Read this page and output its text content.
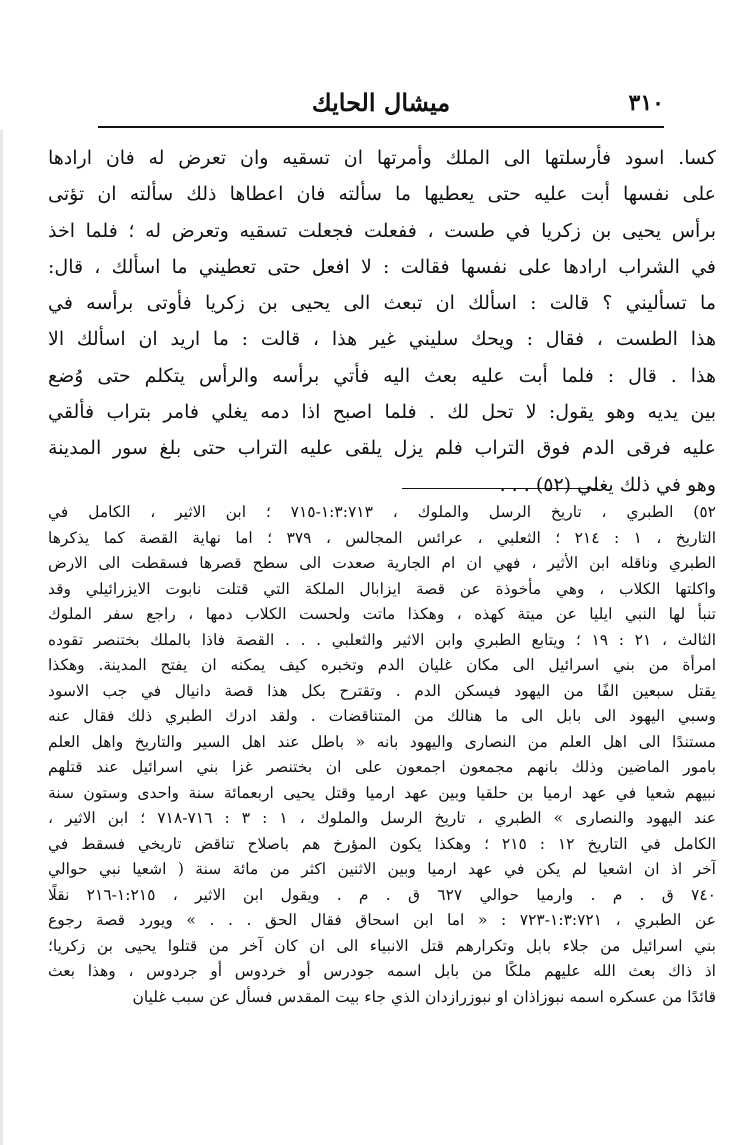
٣١٠
ميشال الحايك
كسا. اسود فأرسلتها الى الملك وأمرتها ان تسقيه وان تعرض له فان ارادها
على نفسها أبت عليه حتى يعطيها ما سألته فان اعطاها ذلك سألته ان تؤتى
برأس يحيى بن زكريا في طست ، ففعلت فجعلت تسقيه وتعرض له ؛ فلما اخذ
في الشراب ارادها على نفسها فقالت : لا افعل حتى تعطيني ما اسألك ، قال:
ما تسأليني ؟ قالت : اسألك ان تبعث الى يحيى بن زكريا فأوتى برأسه في
هذا الطست ، فقال : ويحك سليني غير هذا ، قالت : ما اريد ان اسألك الا
هذا . قال : فلما أبت عليه بعث اليه فأتي برأسه والرأس يتكلم حتى وُضع
بين يديه وهو يقول: لا تحل لك . فلما اصبح اذا دمه يغلي فامر بتراب فألقي
عليه فرقى الدم فوق التراب فلم يزل يلقى عليه التراب حتى بلغ سور المدينة
وهو في ذلك يغلي (٥٢) . . .
٥٢) الطبري ، تاريخ الرسل والملوك ، ١:٣:٧١٣-٧١٥ ؛ ابن الاثير ، الكامل في
التاريخ ، ١ : ٢١٤ ؛ الثعلبي ، عرائس المجالس ، ٣٧٩ ؛ اما نهاية القصة كما يذكرها
الطبري وناقله ابن الأثير ، فهي ان ام الجارية صعدت الى سطح قصرها فسقطت الى الارض
واكلتها الكلاب ، وهي مأخوذة عن قصة ايزابال الملكة التي قتلت نابوت الايزرائيلي وقد
تنبأ لها النبي ايليا عن ميتة كهذه ، وهكذا ماتت ولحست الكلاب دمها ، راجع سفر الملوك
الثالث ، ٢١ : ١٩ ؛ ويتابع الطبري وابن الاثير والثعلبي . . . القصة فاذا بالملك بختنصر تقوده
امرأة من بني اسرائيل الى مكان غليان الدم وتخبره كيف يمكنه ان يفتح المدينة. وهكذا
يقتل سبعين الفًا من اليهود فيسكن الدم . وتقترح بكل هذا قصة دانيال في جب الاسود
وسبي اليهود الى بابل الى ما هنالك من المتناقضات . ولقد ادرك الطبري ذلك فقال عنه
مستندًا الى اهل العلم من النصارى واليهود بانه « باطل عند اهل السير والتاريخ واهل العلم
بامور الماضين وذلك بانهم مجمعون اجمعون على ان بختنصر غزا بني اسرائيل عند قتلهم
نبيهم شعيا في عهد ارميا بن حلقيا وبين عهد ارميا وقتل يحيى اربعمائة سنة واحدى وستون سنة
عند اليهود والنصارى » الطبري ، تاريخ الرسل والملوك ، ١ : ٣ : ٧١٦-٧١٨ ؛ ابن الاثير ،
الكامل في التاريخ ١٢ : ٢١٥ ؛ وهكذا يكون المؤرخ هم باصلاح تناقض تاريخي فسقط في
آخر اذ ان اشعيا لم يكن في عهد ارميا وبين الاثنين اكثر من مائة سنة ( اشعيا نبي حوالي
٧٤٠ ق . م . وارميا حوالي ٦٢٧ ق . م . ويقول ابن الاثير ، ١:٢١٥-٢١٦ نقلًا
عن الطبري ، ١:٣:٧٢١-٧٢٣ : « اما ابن اسحاق فقال الحق . . . » ويورد قصة رجوع
بني اسرائيل من جلاء بابل وتكرارهم قتل الانبياء الى ان كان آخر من قتلوا يحيى بن زكريا؛
اذ ذاك بعث الله عليهم ملكًا من بابل اسمه جودرس أو خردوس أو جردوس ، وهذا بعث
قائدًا من عسكره اسمه نبوزاذان او نبوزرازدان الذي جاء بيت المقدس فسأل عن سبب غليان
